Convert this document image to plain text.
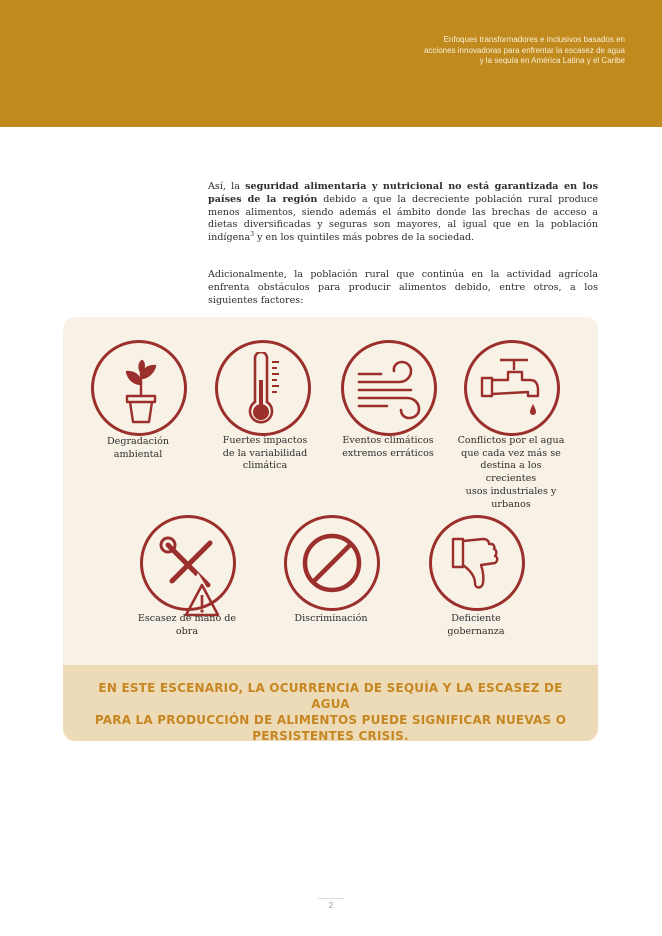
Enfoques transformadores e inclusivos basados en
acciones innovadoras para enfrentar la escasez de agua
y la sequía en América Latina y el Caribe
Así, la seguridad alimentaria y nutricional no está garantizada en los países de la región debido a que la decreciente población rural produce menos alimentos, siendo además el ámbito donde las brechas de acceso a dietas diversificadas y seguras son mayores, al igual que en la población indígena$^3$ y en los quintiles más pobres de la sociedad.
Adicionalmente, la población rural que continúa en la actividad agrícola enfrenta obstáculos para producir alimentos debido, entre otros, a los siguientes factores:
EN ESTE ESCENARIO, LA OCURRENCIA DE SEQUÍA Y LA ESCASEZ DE AGUA
PARA LA PRODUCCIÓN DE ALIMENTOS PUEDE SIGNIFICAR NUEVAS O
PERSISTENTES CRISIS.
Degradación
ambiental
Fuertes impactos
de la variabilidad
climática
Eventos climáticos
extremos erráticos
Conflictos por el agua
que cada vez más se
destina a los crecientes
usos industriales y
urbanos
Escasez de mano de
obra
Discriminación	Deficiente
gobernanza
2
